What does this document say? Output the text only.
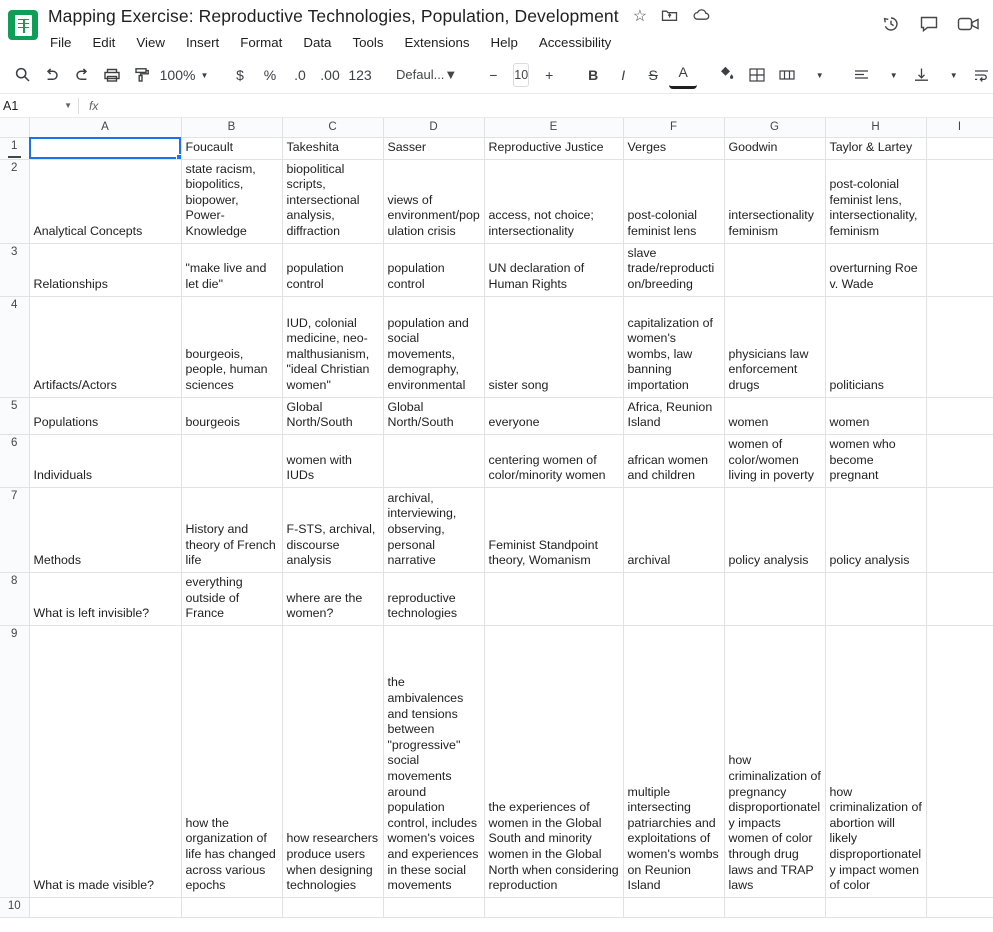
Mapping Exercise: Reproductive Technologies, Population, Development ☆
File Edit View Insert Format Data Tools Extensions Help Accessibility
100% ▼	$	%	.0	.00 123 Defaul... ▼	−	10	+	B	I	S	A	▼	▼	▼
A1	▼	fx
	A	B	C	D	E	F	G	H	I
1		Foucault	Takeshita	Sasser	Reproductive Justice	Verges	Goodwin	Taylor & Lartey	
2	Analytical Concepts	state racism, biopolitics, biopower, Power-Knowledge	biopolitical scripts, intersectional analysis, diffraction	views of environment/population crisis	access, not choice; intersectionality	post-colonial feminist lens	intersectionality feminism	post-colonial feminist lens, intersectionality, feminism	
3	Relationships	"make live and let die"	population control	population control	UN declaration of Human Rights	slave trade/reproduction/breeding		overturning Roe v. Wade	
4	Artifacts/Actors	bourgeois, people, human sciences	IUD, colonial medicine, neo-malthusianism, "ideal Christian women"	population and social movements, demography, environmental	sister song	capitalization of women's wombs, law banning importation	physicians law enforcement drugs	politicians	
5	Populations	bourgeois	Global North/South	Global North/South	everyone	Africa, Reunion Island	women	women	
6	Individuals		women with IUDs		centering women of color/minority women	african women and children	women of color/women living in poverty	women who become pregnant	
7	Methods	History and theory of French life	F-STS, archival, discourse analysis	archival, interviewing, observing, personal narrative	Feminist Standpoint theory, Womanism	archival	policy analysis	policy analysis	
8	What is left invisible?	everything outside of France	where are the women?	reproductive technologies					
9	What is made visible?	how the organization of life has changed across various epochs	how researchers produce users when designing technologies	the ambivalences and tensions between "progressive" social movements around population control, includes women's voices and experiences in these social movements	the experiences of women in the Global South and minority women in the Global North when considering reproduction	multiple intersecting patriarchies and exploitations of women's wombs on Reunion Island	how criminalization of pregnancy disproportionately impacts women of color through drug laws and TRAP laws	how criminalization of abortion will likely disproportionately impact women of color	
10									
